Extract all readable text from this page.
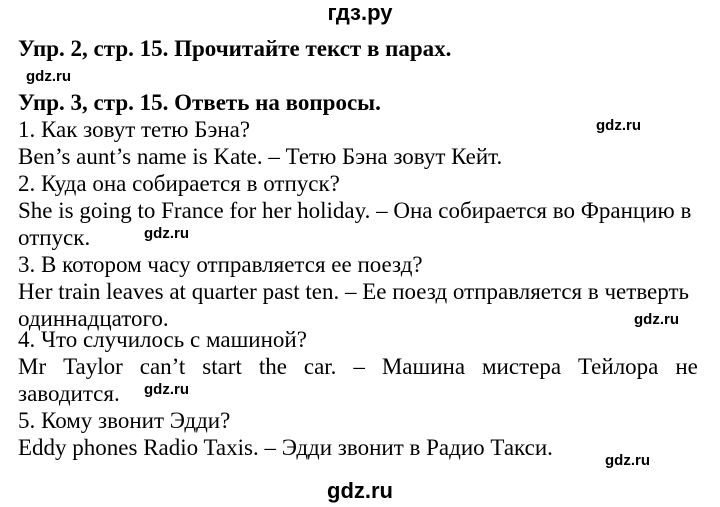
гдз.ру
Упр. 2, стр. 15. Прочитайте текст в парах.
gdz.ru
Упр. 3, стр. 15. Ответь на вопросы.
1. Как зовут тетю Бэна?	gdz.ru
Ben’s aunt’s name is Kate. – Тетю Бэна зовут Кейт.
2. Куда она собирается в отпуск?
She is going to France for her holiday. – Она собирается во Францию в
отпуск.	gdz.ru
3. В котором часу отправляется ее поезд?
Her train leaves at quarter past ten. – Ее поезд отправляется в четверть
одиннадцатого.	gdz.ru
4. Что случилось с машиной?
Mr Taylor can’t start the car. – Машина мистера Тейлора не
заводится. gdz.ru
5. Кому звонит Эдди?
Eddy phones Radio Taxis. – Эдди звонит в Радио Такси.
gdz.ru
gdz.ru
